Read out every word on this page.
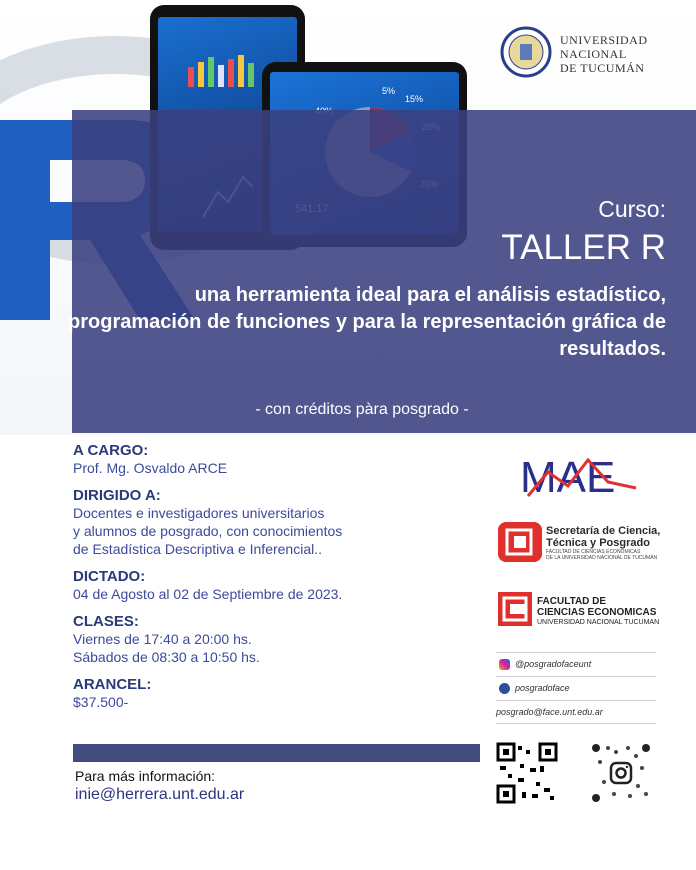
5%
15%
UNIVERSIDAD
NACIONAL
DE TUCUMÁN
Curso:
TALLER R
una herramienta ideal para el análisis estadístico, programación de funciones y para la representación gráfica de resultados.
- con créditos pàra posgrado -
A CARGO:
Prof. Mg. Osvaldo ARCE
DIRIGIDO A:
Docentes e investigadores universitarios
y alumnos de posgrado, con conocimientos
de Estadística Descriptiva e Inferencial..
DICTADO:
04 de Agosto al 02 de Septiembre de 2023.
CLASES:
Viernes de 17:40 a 20:00 hs.
Sábados de 08:30 a 10:50 hs.
ARANCEL:
$37.500-
Para más información:
inie@herrera.unt.edu.ar
MAE
Secretaría de Ciencia,
Técnica y Posgrado
FACULTAD DE CIENCIAS ECONÓMICAS
DE LA UNIVERSIDAD NACIONAL DE TUCUMÁN
FACULTAD DE
CIENCIAS ECONOMICAS
UNIVERSIDAD NACIONAL TUCUMAN
@posgradofaceunt
posgradoface
posgrado@face.unt.edu.ar
